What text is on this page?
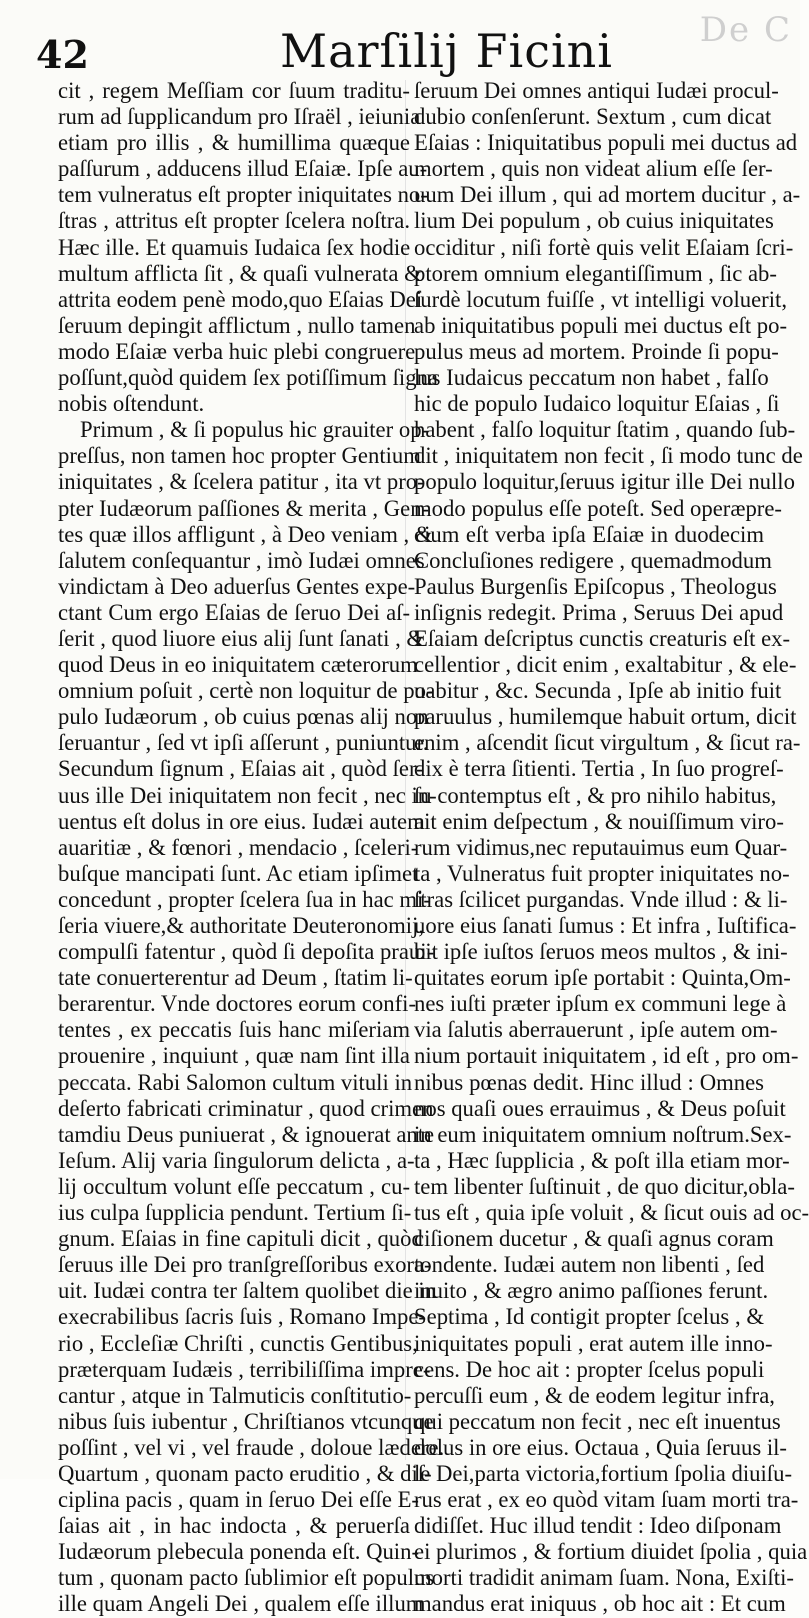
De C
42	Marſilij Ficini
cit , regem Meſſiam cor ſuum traditu-
rum ad ſupplicandum pro Iſraël , ieiunia
etiam pro illis , & humillima quæque
paſſurum , adducens illud Eſaiæ. Ipſe au-
tem vulneratus eſt propter iniquitates no-
ſtras , attritus eſt propter ſcelera noſtra.
Hæc ille. Et quamuis Iudaica ſex hodie
multum afflicta ſit , & quaſi vulnerata &
attrita eodem penè modo,quo Eſaias Dei
ſeruum depingit afflictum , nullo tamen
modo Eſaiæ verba huic plebi congruere
poſſunt,quòd quidem ſex potiſſimum ſigna
nobis oſtendunt.
Primum , & ſi populus hic grauiter op-
preſſus, non tamen hoc propter Gentium
iniquitates , & ſcelera patitur , ita vt pro-
pter Iudæorum paſſiones & merita , Gen-
tes quæ illos affligunt , à Deo veniam , &
ſalutem conſequantur , imò Iudæi omnes
vindictam à Deo aduerſus Gentes expe-
ctant Cum ergo Eſaias de ſeruo Dei aſ-
ſerit , quod liuore eius alij ſunt ſanati , &
quod Deus in eo iniquitatem cæterorum
omnium poſuit , certè non loquitur de po-
pulo Iudæorum , ob cuius pœnas alij non
ſeruantur , ſed vt ipſi aſſerunt , puniuntur.
Secundum ſignum , Eſaias ait , quòd ſer-
uus ille Dei iniquitatem non fecit , nec in-
uentus eſt dolus in ore eius. Iudæi autem
auaritiæ , & fœnori , mendacio , ſceleri-
buſque mancipati ſunt. Ac etiam ipſimet
concedunt , propter ſcelera ſua in hac mi-
ſeria viuere,& authoritate Deuteronomij,
compulſi fatentur , quòd ſi depoſita praui-
tate conuerterentur ad Deum , ſtatim li-
berarentur. Vnde doctores eorum confi-
tentes , ex peccatis ſuis hanc miſeriam
prouenire , inquiunt , quæ nam ſint illa
peccata. Rabi Salomon cultum vituli in
deſerto fabricati criminatur , quod crimen
tamdiu Deus puniuerat , & ignouerat ante
Ieſum. Alij varia ſingulorum delicta , a-
lij occultum volunt eſſe peccatum , cu-
ius culpa ſupplicia pendunt. Tertium ſi-
gnum. Eſaias in fine capituli dicit , quòd
ſeruus ille Dei pro tranſgreſſoribus exora-
uit. Iudæi contra ter ſaltem quolibet die in
execrabilibus ſacris ſuis , Romano Impe-
rio , Eccleſiæ Chriſti , cunctis Gentibus,
præterquam Iudæis , terribiliſſima impre-
cantur , atque in Talmuticis conſtitutio-
nibus ſuis iubentur , Chriſtianos vtcunque
poſſint , vel vi , vel fraude , doloue lædere.
Quartum , quonam pacto eruditio , & diſ-
ciplina pacis , quam in ſeruo Dei eſſe E-
ſaias ait , in hac indocta , & peruerſa
Iudæorum plebecula ponenda eſt. Quin-
tum , quonam pacto ſublimior eſt populus
ille quam Angeli Dei , qualem eſſe illum
ſeruum Dei omnes antiqui Iudæi procul-
dubio conſenſerunt. Sextum , cum dicat
Eſaias : Iniquitatibus populi mei ductus ad
mortem , quis non videat alium eſſe ſer-
uum Dei illum , qui ad mortem ducitur , a-
lium Dei populum , ob cuius iniquitates
occiditur , niſi fortè quis velit Eſaiam ſcri-
ptorem omnium elegantiſſimum , ſic ab-
ſurdè locutum fuiſſe , vt intelligi voluerit,
ab iniquitatibus populi mei ductus eſt po-
pulus meus ad mortem. Proinde ſi popu-
lus Iudaicus peccatum non habet , falſo
hic de populo Iudaico loquitur Eſaias , ſi
habent , falſo loquitur ſtatim , quando ſub-
dit , iniquitatem non fecit , ſi modo tunc de
populo loquitur,ſeruus igitur ille Dei nullo
modo populus eſſe poteſt. Sed operæpre-
cium eſt verba ipſa Eſaiæ in duodecim
Concluſiones redigere , quemadmodum
Paulus Burgenſis Epiſcopus , Theologus
inſignis redegit. Prima , Seruus Dei apud
Eſaiam deſcriptus cunctis creaturis eſt ex-
cellentior , dicit enim , exaltabitur , & ele-
uabitur , &c. Secunda , Ipſe ab initio fuit
paruulus , humilemque habuit ortum, dicit
enim , aſcendit ſicut virgultum , & ſicut ra-
dix è terra ſitienti. Tertia , In ſuo progreſ-
ſu contemptus eſt , & pro nihilo habitus,
ait enim deſpectum , & nouiſſimum viro-
rum vidimus,nec reputauimus eum Quar-
ta , Vulneratus fuit propter iniquitates no-
ſtras ſcilicet purgandas. Vnde illud : & li-
uore eius ſanati ſumus : Et infra , Iuſtifica-
bit ipſe iuſtos ſeruos meos multos , & ini-
quitates eorum ipſe portabit : Quinta,Om-
nes iuſti præter ipſum ex communi lege à
via ſalutis aberrauerunt , ipſe autem om-
nium portauit iniquitatem , id eſt , pro om-
nibus pœnas dedit. Hinc illud : Omnes
nos quaſi oues errauimus , & Deus poſuit
in eum iniquitatem omnium noſtrum.Sex-
ta , Hæc ſupplicia , & poſt illa etiam mor-
tem libenter ſuſtinuit , de quo dicitur,obla-
tus eſt , quia ipſe voluit , & ſicut ouis ad oc-
ciſionem ducetur , & quaſi agnus coram
tondente. Iudæi autem non libenti , ſed
inuito , & ægro animo paſſiones ferunt.
Septima , Id contigit propter ſcelus , &
iniquitates populi , erat autem ille inno-
cens. De hoc ait : propter ſcelus populi
percuſſi eum , & de eodem legitur infra,
qui peccatum non fecit , nec eſt inuentus
dolus in ore eius. Octaua , Quia ſeruus il-
le Dei,parta victoria,fortium ſpolia diuiſu-
rus erat , ex eo quòd vitam ſuam morti tra-
didiſſet. Huc illud tendit : Ideo diſponam
ei plurimos , & fortium diuidet ſpolia , quia
morti tradidit animam ſuam. Nona, Exiſti-
mandus erat iniquus , ob hoc ait : Et cum
